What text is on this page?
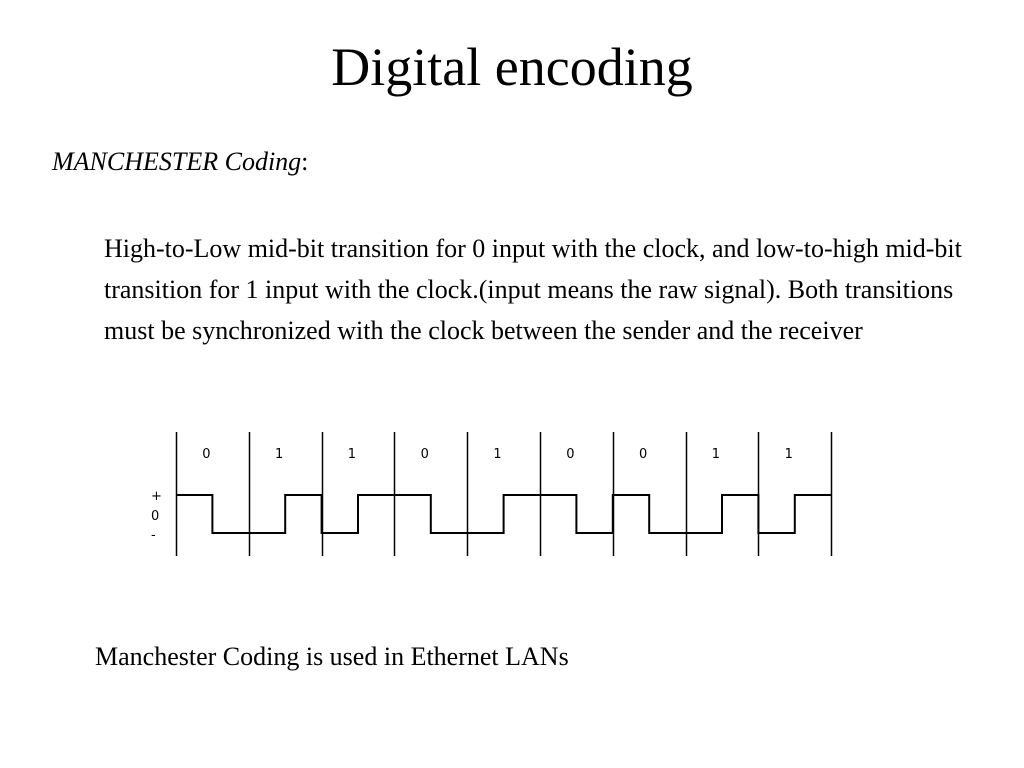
Digital encoding
MANCHESTER Coding:
High-to-Low mid-bit transition for 0 input with the clock, and low-to-high mid-bit transition for 1 input with the clock.(input means the raw signal). Both transitions must be synchronized with the clock between the sender and the receiver
0	1	1	0	1	0	0	1	1
+
0
-
Manchester Coding is used in Ethernet LANs
